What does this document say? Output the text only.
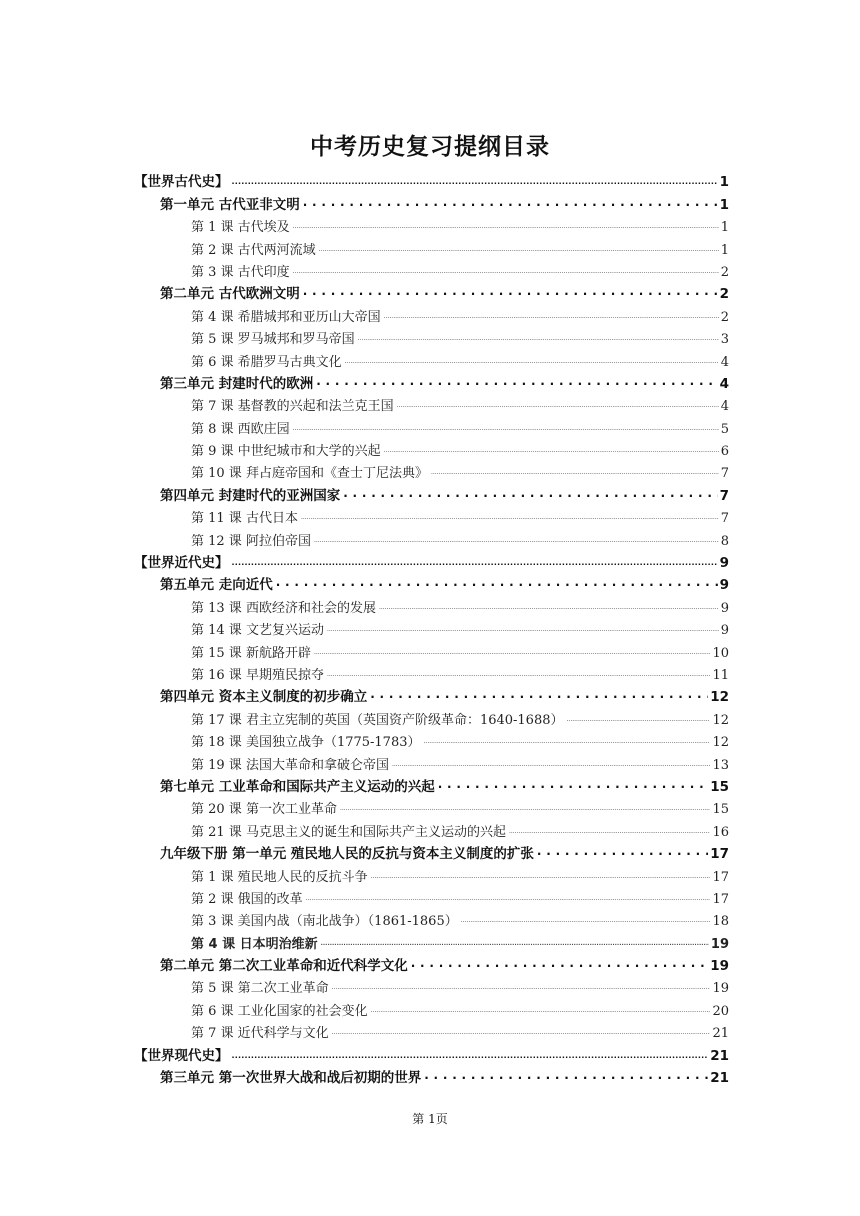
中考历史复习提纲目录
【世界古代史】 .....	1
第一单元 古代亚非文明 . . .	1
第 1 课 古代埃及 .....	1
第 2 课 古代两河流域 .....	1
第 3 课 古代印度 .....	2
第二单元 古代欧洲文明 . . .	2
第 4 课 希腊城邦和亚历山大帝国 .....	2
第 5 课 罗马城邦和罗马帝国 .....	3
第 6 课 希腊罗马古典文化 .....	4
第三单元 封建时代的欧洲 . . .	4
第 7 课 基督教的兴起和法兰克王国 .....	4
第 8 课 西欧庄园 .....	5
第 9 课 中世纪城市和大学的兴起 .....	6
第 10 课 拜占庭帝国和《查士丁尼法典》 .....	7
第四单元 封建时代的亚洲国家 . . .	7
第 11 课 古代日本 .....	7
第 12 课 阿拉伯帝国 .....	8
【世界近代史】 .....	9
第五单元 走向近代 . . .	9
第 13 课 西欧经济和社会的发展 .....	9
第 14 课 文艺复兴运动 .....	9
第 15 课 新航路开辟 .....	10
第 16 课 早期殖民掠夺 .....	11
第四单元 资本主义制度的初步确立 . . .	12
第 17 课 君主立宪制的英国（英国资产阶级革命：1640-1688） .....	12
第 18 课 美国独立战争（1775-1783） .....	12
第 19 课 法国大革命和拿破仑帝国 .....	13
第七单元 工业革命和国际共产主义运动的兴起 . . .	15
第 20 课 第一次工业革命 .....	15
第 21 课 马克思主义的诞生和国际共产主义运动的兴起 .....	16
九年级下册 第一单元 殖民地人民的反抗与资本主义制度的扩张 . . .	17
第 1 课 殖民地人民的反抗斗争 .....	17
第 2 课 俄国的改革 .....	17
第 3 课 美国内战（南北战争）（1861-1865） .....	18
第 4 课 日本明治维新 .....	19
第二单元 第二次工业革命和近代科学文化 . . .	19
第 5 课 第二次工业革命 .....	19
第 6 课 工业化国家的社会变化 .....	20
第 7 课 近代科学与文化 .....	21
【世界现代史】 .....	21
第三单元 第一次世界大战和战后初期的世界 . . .	21
第 1页
